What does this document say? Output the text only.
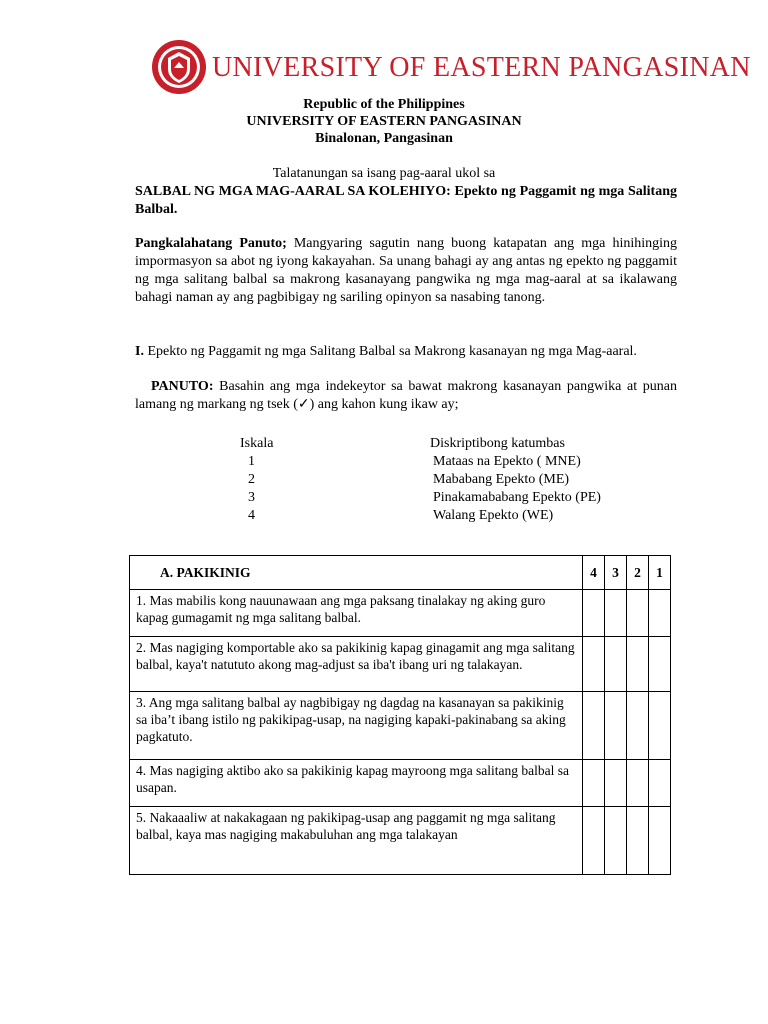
UNIVERSITY OF EASTERN PANGASINAN
Republic of the Philippines
UNIVERSITY OF EASTERN PANGASINAN
Binalonan, Pangasinan
Talatanungan sa isang pag-aaral ukol sa
SALBAL NG MGA MAG-AARAL SA KOLEHIYO: Epekto ng Paggamit ng mga Salitang Balbal.
Pangkalahatang Panuto; Mangyaring sagutin nang buong katapatan ang mga hinihinging impormasyon sa abot ng iyong kakayahan. Sa unang bahagi ay ang antas ng epekto ng paggamit ng mga salitang balbal sa makrong kasanayang pangwika ng mga mag-aaral at sa ikalawang bahagi naman ay ang pagbibigay ng sariling opinyon sa nasabing tanong.
I. Epekto ng Paggamit ng mga Salitang Balbal sa Makrong kasanayan ng mga Mag-aaral.
PANUTO: Basahin ang mga indekeytor sa bawat makrong kasanayan pangwika at punan lamang ng markang ng tsek (✓) ang kahon kung ikaw ay;
Iskala	Diskriptibong katumbas
1	Mataas na Epekto ( MNE)
2	Mababang Epekto (ME)
3	Pinakamababang Epekto (PE)
4	Walang Epekto (WE)
A. PAKIKINIG	4	3	2	1
1. Mas mabilis kong nauunawaan ang mga paksang tinalakay ng aking guro kapag gumagamit ng mga salitang balbal.				
2. Mas nagiging komportable ako sa pakikinig kapag ginagamit ang mga salitang balbal, kaya't natututo akong mag-adjust sa iba't ibang uri ng talakayan.				
3. Ang mga salitang balbal ay nagbibigay ng dagdag na kasanayan sa pakikinig sa iba’t ibang istilo ng pakikipag-usap, na nagiging kapaki-pakinabang sa aking pagkatuto.				
4. Mas nagiging aktibo ako sa pakikinig kapag mayroong mga salitang balbal sa usapan.				
5. Nakaaaliw at nakakagaan ng pakikipag-usap ang paggamit ng mga salitang balbal, kaya mas nagiging makabuluhan ang mga talakayan				
